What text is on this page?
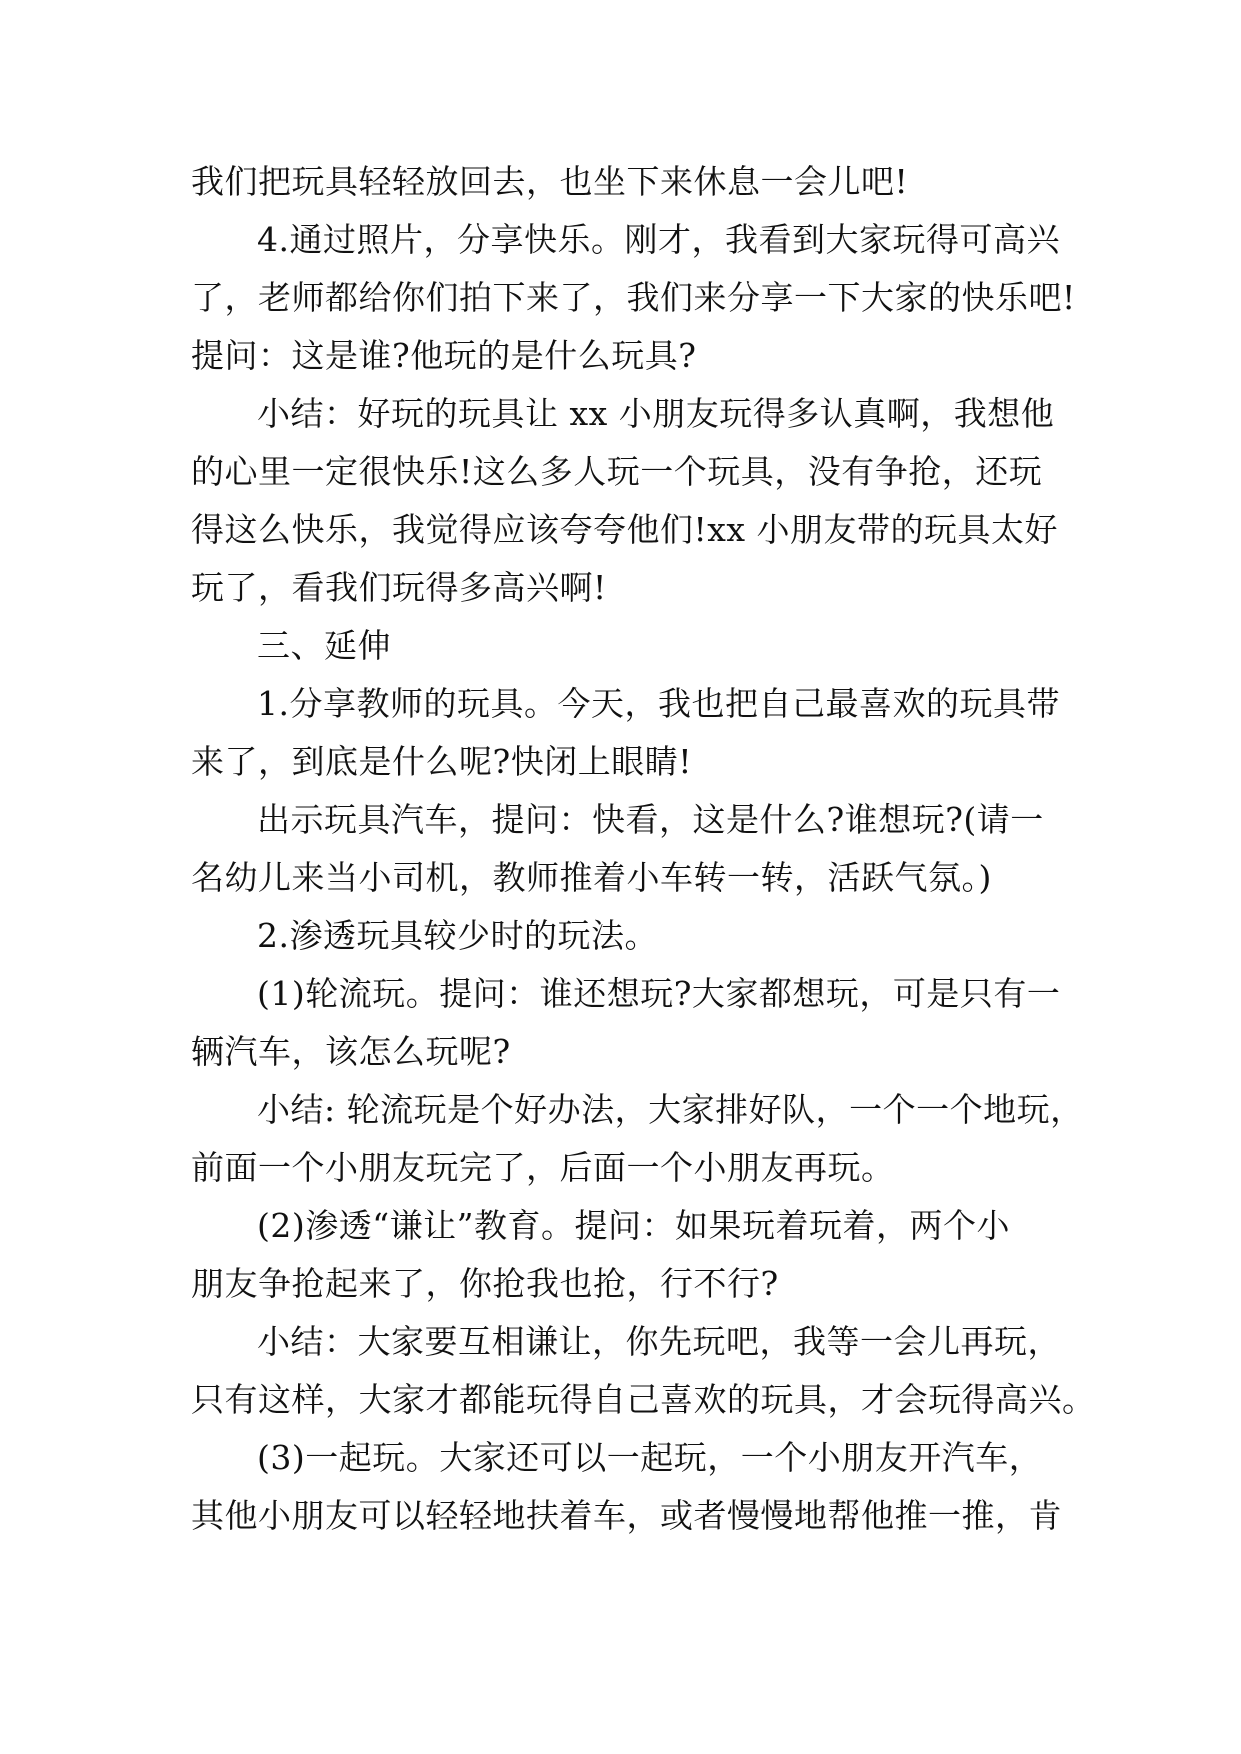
我们把玩具轻轻放回去，也坐下来休息一会儿吧!
4.通过照片，分享快乐。刚才，我看到大家玩得可高兴
了，老师都给你们拍下来了，我们来分享一下大家的快乐吧!
提问：这是谁?他玩的是什么玩具?
小结：好玩的玩具让 xx 小朋友玩得多认真啊，我想他
的心里一定很快乐!这么多人玩一个玩具，没有争抢，还玩
得这么快乐，我觉得应该夸夸他们!xx 小朋友带的玩具太好
玩了，看我们玩得多高兴啊!
三、延伸
1.分享教师的玩具。今天，我也把自己最喜欢的玩具带
来了，到底是什么呢?快闭上眼睛!
出示玩具汽车，提问：快看，这是什么?谁想玩?(请一
名幼儿来当小司机，教师推着小车转一转，活跃气氛。)
2.渗透玩具较少时的玩法。
(1)轮流玩。提问：谁还想玩?大家都想玩，可是只有一
辆汽车，该怎么玩呢?
小结: 轮流玩是个好办法，大家排好队，一个一个地玩，
前面一个小朋友玩完了，后面一个小朋友再玩。
(2)渗透“谦让”教育。提问：如果玩着玩着，两个小
朋友争抢起来了，你抢我也抢，行不行?
小结：大家要互相谦让，你先玩吧，我等一会儿再玩，
只有这样，大家才都能玩得自己喜欢的玩具，才会玩得高兴。
(3)一起玩。大家还可以一起玩，一个小朋友开汽车，
其他小朋友可以轻轻地扶着车，或者慢慢地帮他推一推，肯
